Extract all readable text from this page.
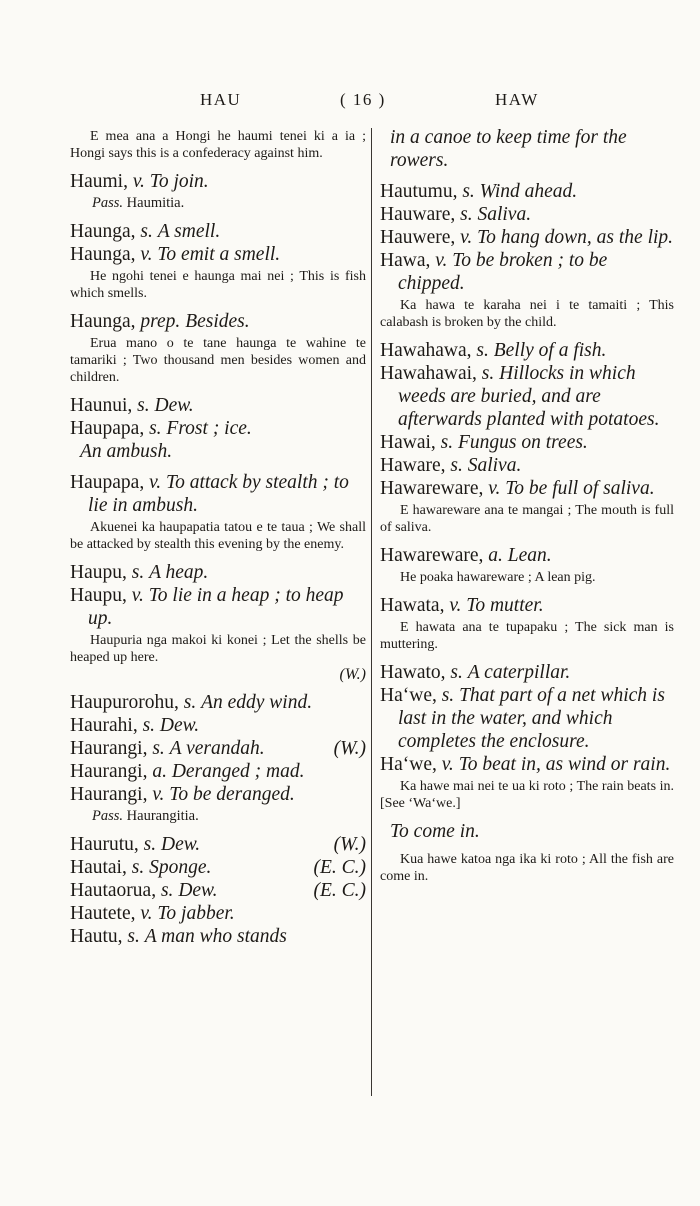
HAU	( 16 )	HAW

E mea ana a Hongi he haumi tenei ki a ia ; Hongi says this is a confederacy against him.

Haumi, v. To join.

Pass. Haumitia.

Haunga, s. A smell.

Haunga, v. To emit a smell.

He ngohi tenei e haunga mai nei ; This is fish which smells.

Haunga, prep. Besides.

Erua mano o te tane haunga te wahine te tamariki ; Two thousand men besides women and children.

Haunui, s. Dew.

Haupapa, s. Frost ; ice.

An ambush.

Haupapa, v. To attack by stealth ; to lie in ambush.

Akuenei ka haupapatia tatou e te taua ; We shall be attacked by stealth this evening by the enemy.

Haupu, s. A heap.

Haupu, v. To lie in a heap ; to heap up.

Haupuria nga makoi ki konei ; Let the shells be heaped up here.
(W.)

Haupurorohu, s. An eddy wind.

Haurahi, s. Dew.

Haurangi, s. A verandah.	(W.)

Haurangi, a. Deranged ; mad.

Haurangi, v. To be deranged.

Pass. Haurangitia.

Haurutu, s. Dew.	(W.)

Hautai, s. Sponge.	(E. C.)

Hautaorua, s. Dew.	(E. C.)

Hautete, v. To jabber.

Hautu, s. A man who stands

in a canoe to keep time for the rowers.

Hautumu, s. Wind ahead.

Hauware, s. Saliva.

Hauwere, v. To hang down, as the lip.

Hawa, v. To be broken ; to be chipped.

Ka hawa te karaha nei i te tamaiti ; This calabash is broken by the child.

Hawahawa, s. Belly of a fish.

Hawahawai, s. Hillocks in which weeds are buried, and are afterwards planted with potatoes.

Hawai, s. Fungus on trees.

Haware, s. Saliva.

Hawareware, v. To be full of saliva.

E hawareware ana te mangai ; The mouth is full of saliva.

Hawareware, a. Lean.

He poaka hawareware ; A lean pig.

Hawata, v. To mutter.

E hawata ana te tupapaku ; The sick man is muttering.

Hawato, s. A caterpillar.

Ha‘we, s. That part of a net which is last in the water, and which completes the enclosure.

Ha‘we, v. To beat in, as wind or rain.

Ka hawe mai nei te ua ki roto ; The rain beats in. [See ‘Wa‘we.]

To come in.

Kua hawe katoa nga ika ki roto ; All the fish are come in.
